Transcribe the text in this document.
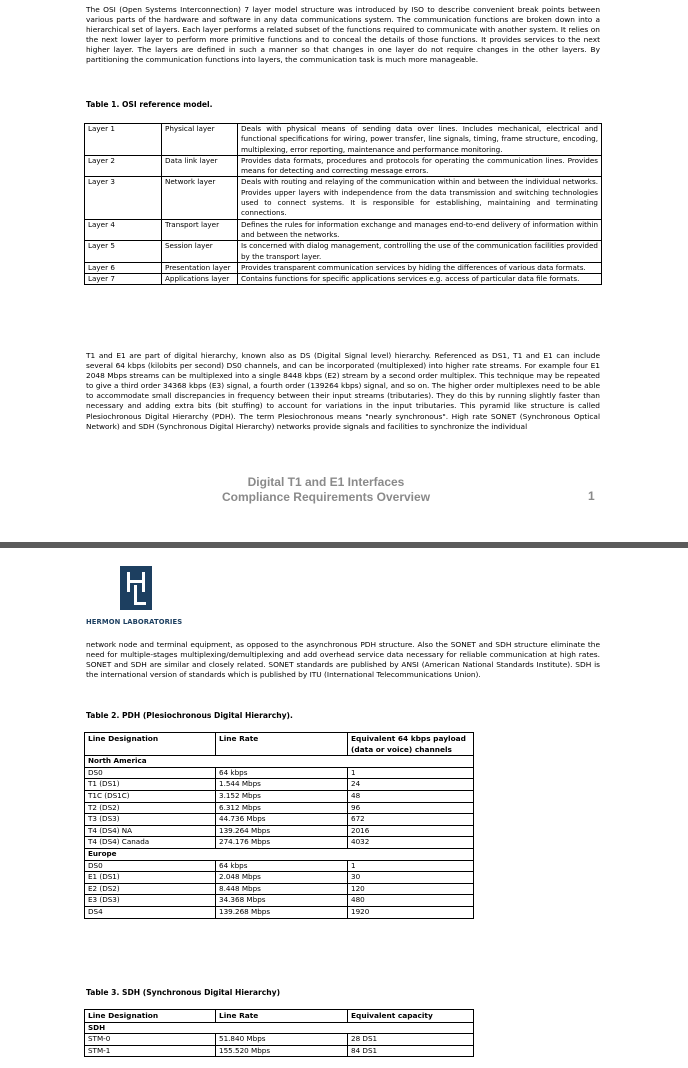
The OSI (Open Systems Interconnection) 7 layer model structure was introduced by ISO to describe convenient break points between various parts of the hardware and software in any data communications system. The communication functions are broken down into a hierarchical set of layers. Each layer performs a related subset of the functions required to communicate with another system. It relies on the next lower layer to perform more primitive functions and to conceal the details of those functions. It provides services to the next higher layer. The layers are defined in such a manner so that changes in one layer do not require changes in the other layers. By partitioning the communication functions into layers, the communication task is much more manageable.

Table 1. OSI reference model.

Layer 1	Physical layer	Deals with physical means of sending data over lines. Includes mechanical, electrical and functional specifications for wiring, power transfer, line signals, timing, frame structure, encoding, multiplexing, error reporting, maintenance and performance monitoring.
Layer 2	Data link layer	Provides data formats, procedures and protocols for operating the communication lines. Provides means for detecting and correcting message errors.
Layer 3	Network layer	Deals with routing and relaying of the communication within and between the individual networks. Provides upper layers with independence from the data transmission and switching technologies used to connect systems. It is responsible for establishing, maintaining and terminating connections.
Layer 4	Transport layer	Defines the rules for information exchange and manages end-to-end delivery of information within and between the networks.
Layer 5	Session layer	Is concerned with dialog management, controlling the use of the communication facilities provided by the transport layer.
Layer 6	Presentation layer	Provides transparent communication services by hiding the differences of various data formats.
Layer 7	Applications layer	Contains functions for specific applications services e.g. access of particular data file formats.

T1 and E1 are part of digital hierarchy, known also as DS (Digital Signal level) hierarchy. Referenced as DS1, T1 and E1 can include several 64 kbps (kilobits per second) DS0 channels, and can be incorporated (multiplexed) into higher rate streams. For example four E1 2048 Mbps streams can be multiplexed into a single 8448 kbps (E2) stream by a second order multiplex. This technique may be repeated to give a third order 34368 kbps (E3) signal, a fourth order (139264 kbps) signal, and so on. The higher order multiplexes need to be able to accommodate small discrepancies in frequency between their input streams (tributaries). They do this by running slightly faster than necessary and adding extra bits (bit stuffing) to account for variations in the input tributaries. This pyramid like structure is called Plesiochronous Digital Hierarchy (PDH). The term Plesiochronous means "nearly synchronous". High rate SONET (Synchronous Optical Network) and SDH (Synchronous Digital Hierarchy) networks provide signals and facilities to synchronize the individual

Digital T1 and E1 Interfaces

Compliance Requirements Overview	1

HERMON LABORATORIES

network node and terminal equipment, as opposed to the asynchronous PDH structure. Also the SONET and SDH structure eliminate the need for multiple-stages multiplexing/demultiplexing and add overhead service data necessary for reliable communication at high rates. SONET and SDH are similar and closely related. SONET standards are published by ANSI (American National Standards Institute). SDH is the international version of standards which is published by ITU (International Telecommunications Union).

Table 2. PDH (Plesiochronous Digital Hierarchy).

Line Designation	Line Rate	Equivalent 64 kbps payload (data or voice) channels
North America		
DS0	64 kbps	1
T1 (DS1)	1.544 Mbps	24
T1C (DS1C)	3.152 Mbps	48
T2 (DS2)	6.312 Mbps	96
T3 (DS3)	44.736 Mbps	672
T4 (DS4) NA	139.264 Mbps	2016
T4 (DS4) Canada	274.176 Mbps	4032
Europe		
DS0	64 kbps	1
E1 (DS1)	2.048 Mbps	30
E2 (DS2)	8.448 Mbps	120
E3 (DS3)	34.368 Mbps	480
DS4	139.268 Mbps	1920

Table 3. SDH (Synchronous Digital Hierarchy)

Line Designation	Line Rate	Equivalent capacity
SDH		
STM-0	51.840 Mbps	28 DS1
STM-1	155.520 Mbps	84 DS1
